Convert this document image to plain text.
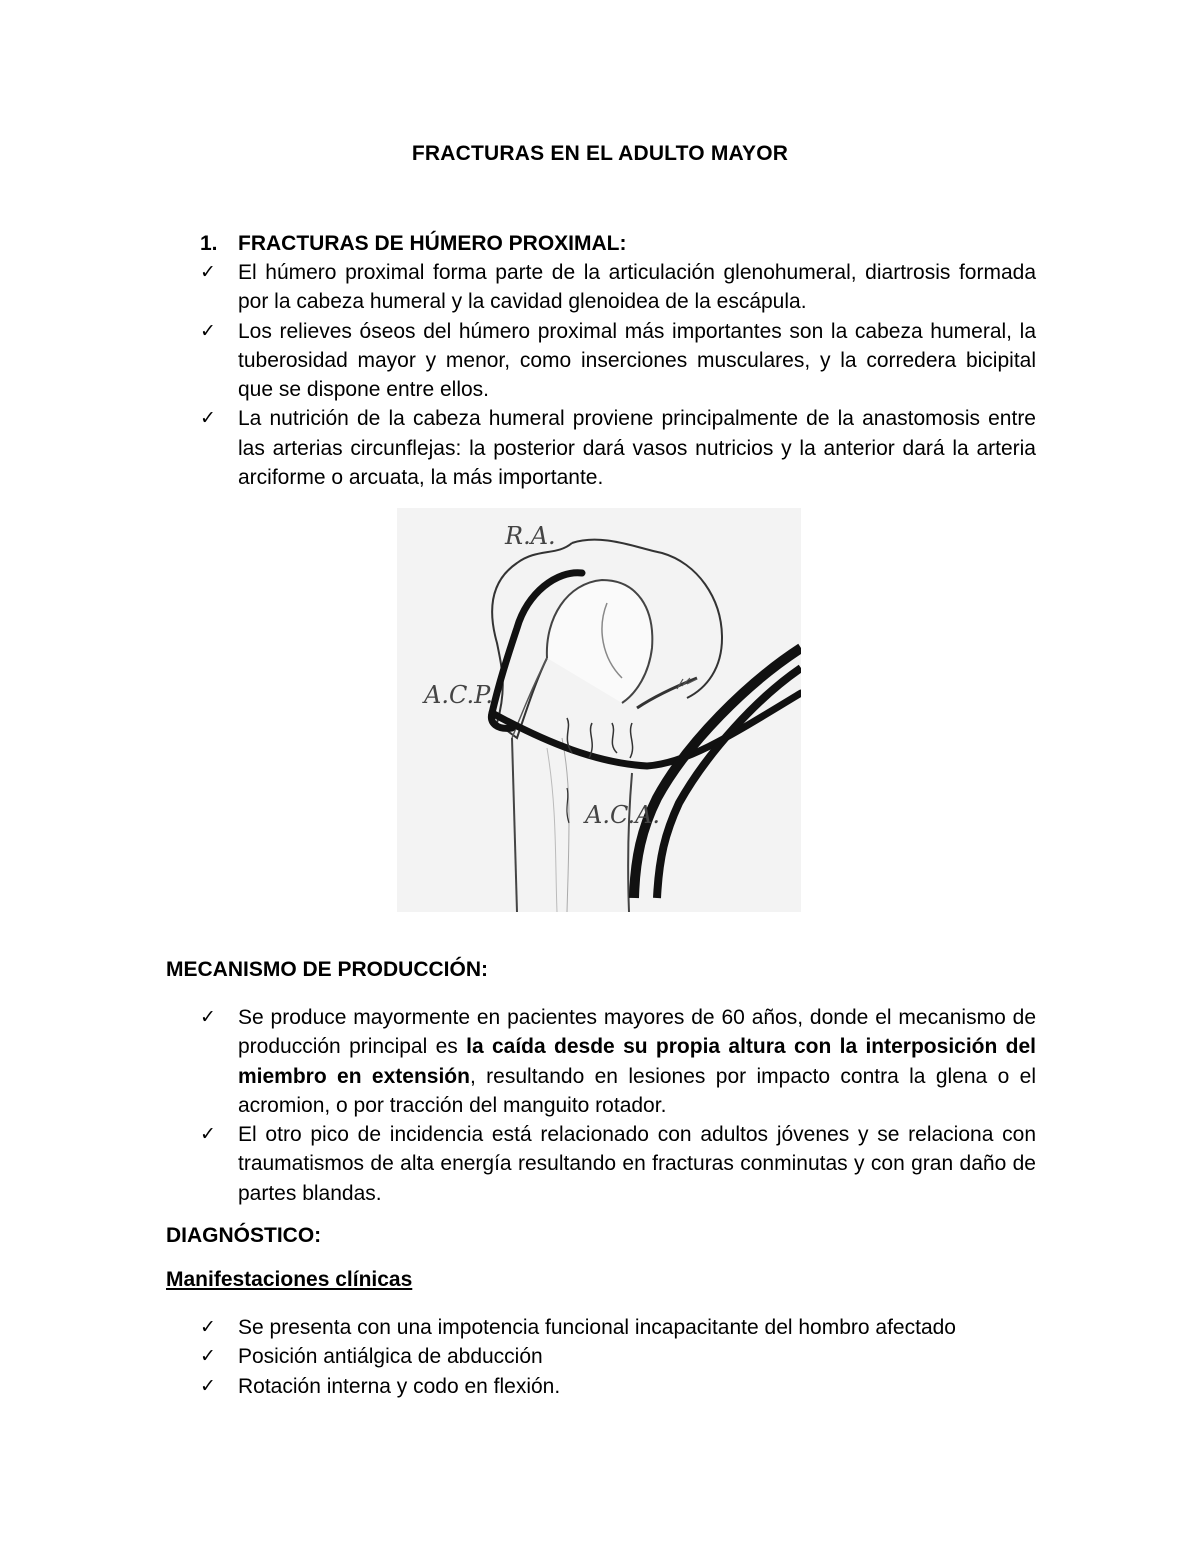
FRACTURAS EN EL ADULTO MAYOR
1. FRACTURAS DE HÚMERO PROXIMAL:
✓ El húmero proximal forma parte de la articulación glenohumeral, diartrosis formada por la cabeza humeral y la cavidad glenoidea de la escápula.
✓ Los relieves óseos del húmero proximal más importantes son la cabeza humeral, la tuberosidad mayor y menor, como inserciones musculares, y la corredera bicipital que se dispone entre ellos.
✓ La nutrición de la cabeza humeral proviene principalmente de la anastomosis entre las arterias circunflejas: la posterior dará vasos nutricios y la anterior dará la arteria arciforme o arcuata, la más importante.
R.A.
A.C.P.
A.C.A.
MECANISMO DE PRODUCCIÓN:
✓ Se produce mayormente en pacientes mayores de 60 años, donde el mecanismo de producción principal es la caída desde su propia altura con la interposición del miembro en extensión, resultando en lesiones por impacto contra la glena o el acromion, o por tracción del manguito rotador.
✓ El otro pico de incidencia está relacionado con adultos jóvenes y se relaciona con traumatismos de alta energía resultando en fracturas conminutas y con gran daño de partes blandas.
DIAGNÓSTICO:
Manifestaciones clínicas
✓ Se presenta con una impotencia funcional incapacitante del hombro afectado
✓ Posición antiálgica de abducción
✓ Rotación interna y codo en flexión.
